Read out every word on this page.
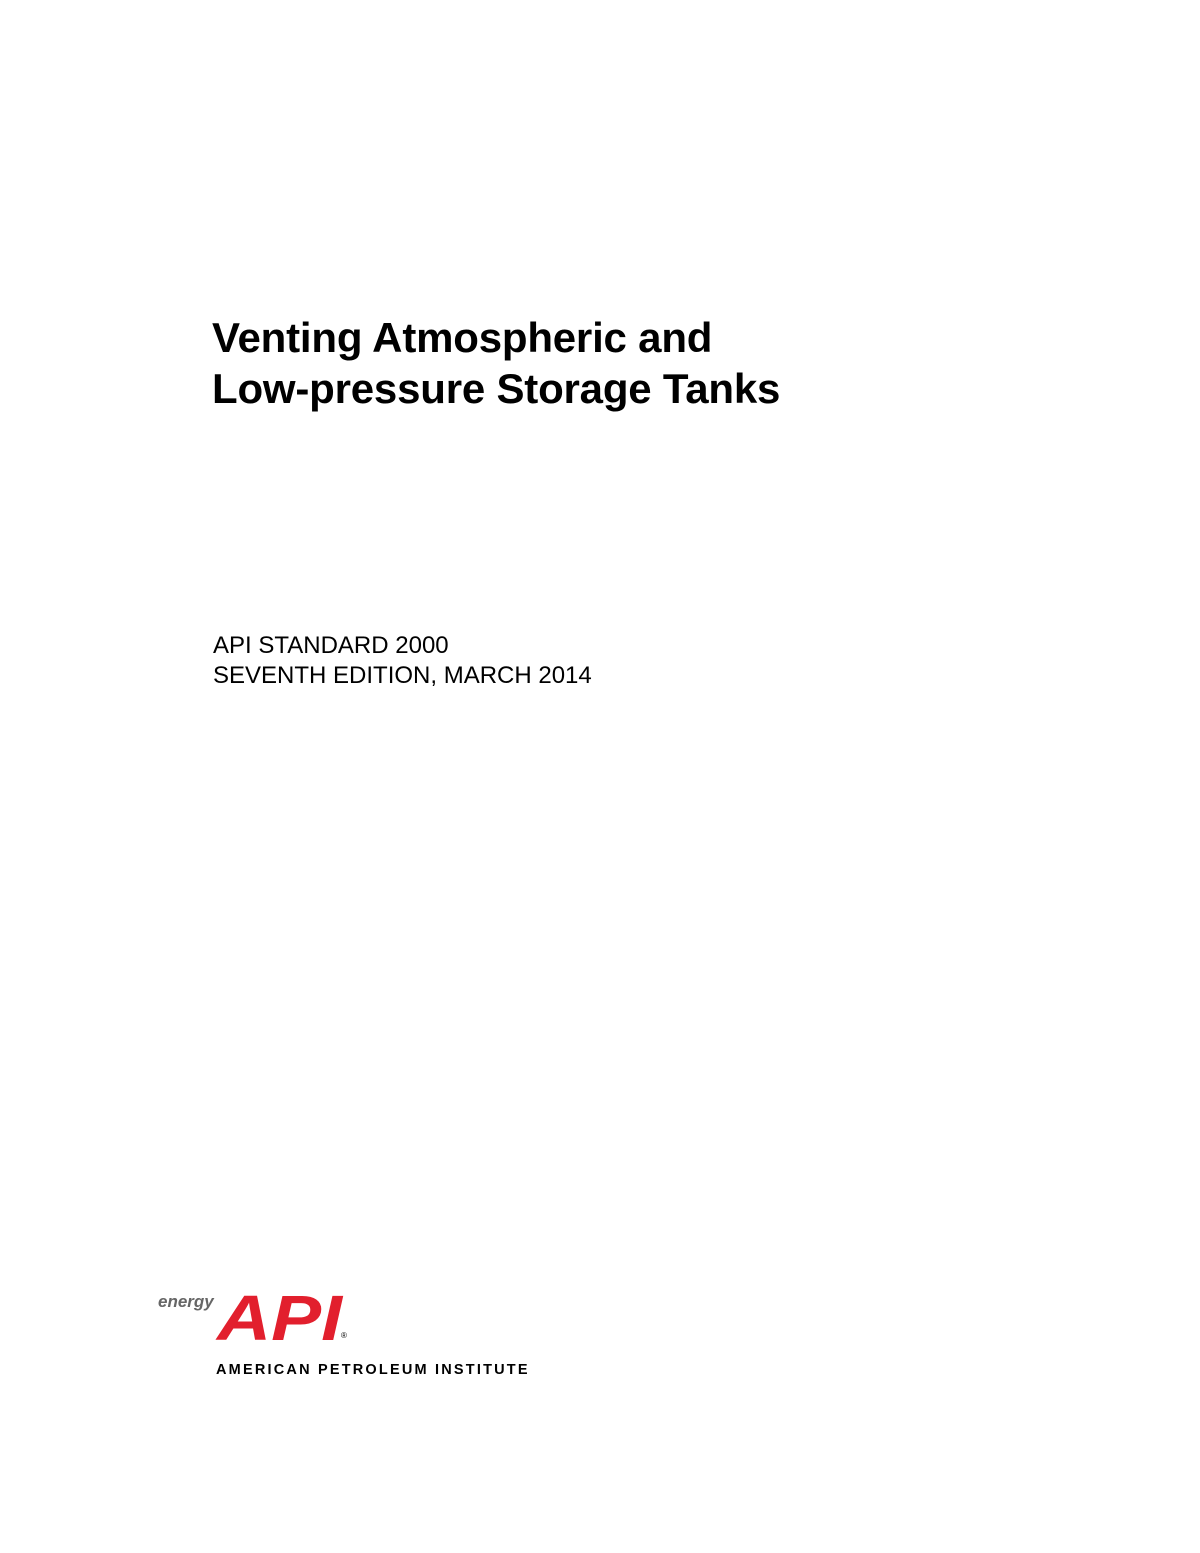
Venting Atmospheric and
Low-pressure Storage Tanks
API STANDARD 2000
SEVENTH EDITION, MARCH 2014
energy API
®
AMERICAN PETROLEUM INSTITUTE
